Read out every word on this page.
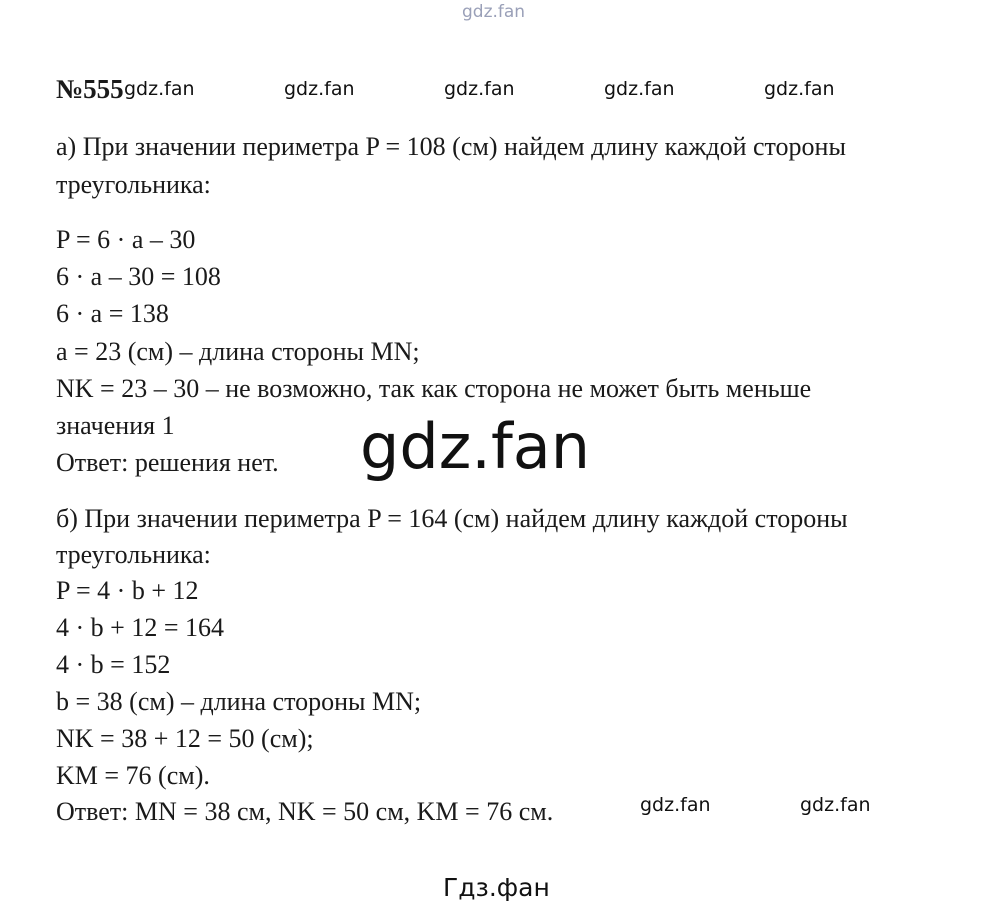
gdz.fan
№555 gdz.fan	gdz.fan	gdz.fan	gdz.fan	gdz.fan
а) При значении периметра P = 108 (см) найдем длину каждой стороны
треугольника:
P = 6 · a – 30
6 · a – 30 = 108
6 · a = 138
a = 23 (см) – длина стороны MN;
NK = 23 – 30 – не возможно, так как сторона не может быть меньше
значения 1
Ответ: решения нет. gdz.fan
б) При значении периметра P = 164 (см) найдем длину каждой стороны
треугольника:
P = 4 · b + 12
4 · b + 12 = 164
4 · b = 152
b = 38 (см) – длина стороны MN;
NK = 38 + 12 = 50 (см);
KM = 76 (см).
Ответ: MN = 38 см, NK = 50 см, KM = 76 см.	gdz.fan	gdz.fan
Гдз.фан
